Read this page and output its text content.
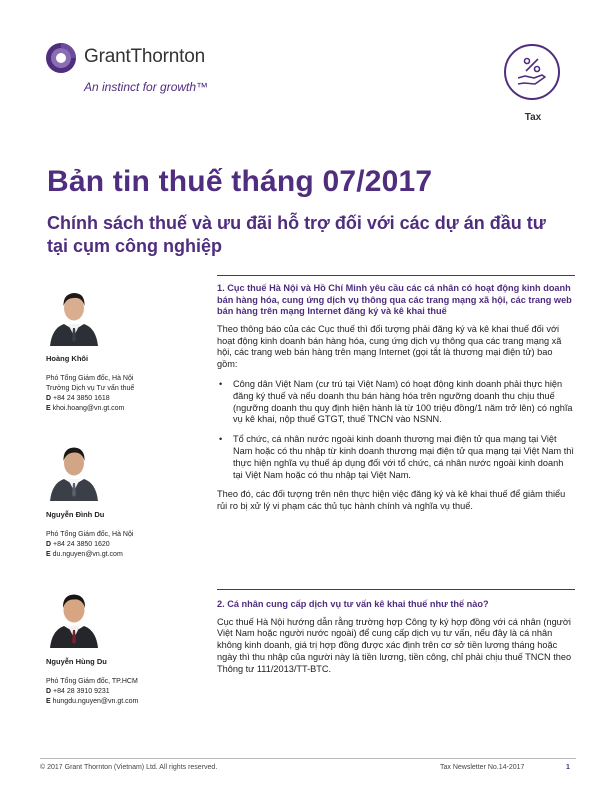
GrantThornton
An instinct for growth™
Tax
Bản tin thuế tháng 07/2017
Chính sách thuế và ưu đãi hỗ trợ đối với các dự án đầu tư tại cụm công nghiệp
Hoàng Khôi
Phó Tổng Giám đốc, Hà Nội
Trưởng Dịch vụ Tư vấn thuế
D +84 24 3850 1618
E khoi.hoang@vn.gt.com
Nguyễn Đình Du
Phó Tổng Giám đốc, Hà Nội
D +84 24 3850 1620
E du.nguyen@vn.gt.com
Nguyễn Hùng Du
Phó Tổng Giám đốc, TP.HCM
D +84 28 3910 9231
E hungdu.nguyen@vn.gt.com
1. Cục thuế Hà Nội và Hồ Chí Minh yêu cầu các cá nhân có hoạt động kinh doanh bán hàng hóa, cung ứng dịch vụ thông qua các trang mạng xã hội, các trang web bán hàng trên mạng Internet đăng ký và kê khai thuế

Theo thông báo của các Cục thuế thì đối tượng phải đăng ký và kê khai thuế đối với hoạt động kinh doanh bán hàng hóa, cung ứng dịch vụ thông qua các trang mạng xã hội, các trang web bán hàng trên mạng Internet (gọi tắt là thương mại điện tử) bao gồm:

• Công dân Việt Nam (cư trú tại Việt Nam) có hoạt động kinh doanh phải thực hiện đăng ký thuế và nếu doanh thu bán hàng hóa trên ngưỡng doanh thu chịu thuế (ngưỡng doanh thu quy định hiện hành là từ 100 triệu đồng/1 năm trở lên) có nghĩa vụ kê khai, nộp thuế GTGT, thuế TNCN vào NSNN.
• Tổ chức, cá nhân nước ngoài kinh doanh thương mại điện tử qua mạng tại Việt Nam hoặc có thu nhập từ kinh doanh thương mại điện tử qua mạng tại Việt Nam thì thực hiện nghĩa vụ thuế áp dụng đối với tổ chức, cá nhân nước ngoài kinh doanh tại Việt Nam hoặc có thu nhập tại Việt Nam.

Theo đó, các đối tượng trên nên thực hiện việc đăng ký và kê khai thuế để giảm thiểu rủi ro bị xử lý vi phạm các thủ tục hành chính và nghĩa vụ thuế.

2. Cá nhân cung cấp dịch vụ tư vấn kê khai thuế như thế nào?

Cục thuế Hà Nội hướng dẫn rằng trường hợp Công ty ký hợp đồng với cá nhân (người Việt Nam hoặc người nước ngoài) để cung cấp dịch vụ tư vấn, nếu đây là cá nhân không kinh doanh, giá trị hợp đồng được xác định trên cơ sở tiền lương tháng hoặc ngày thì thu nhập của người này là tiền lương, tiền công, chỉ phải chịu thuế TNCN theo Thông tư 111/2013/TT-BTC.

© 2017 Grant Thornton (Vietnam) Ltd. All rights reserved.	Tax Newsletter No.14-2017	1
